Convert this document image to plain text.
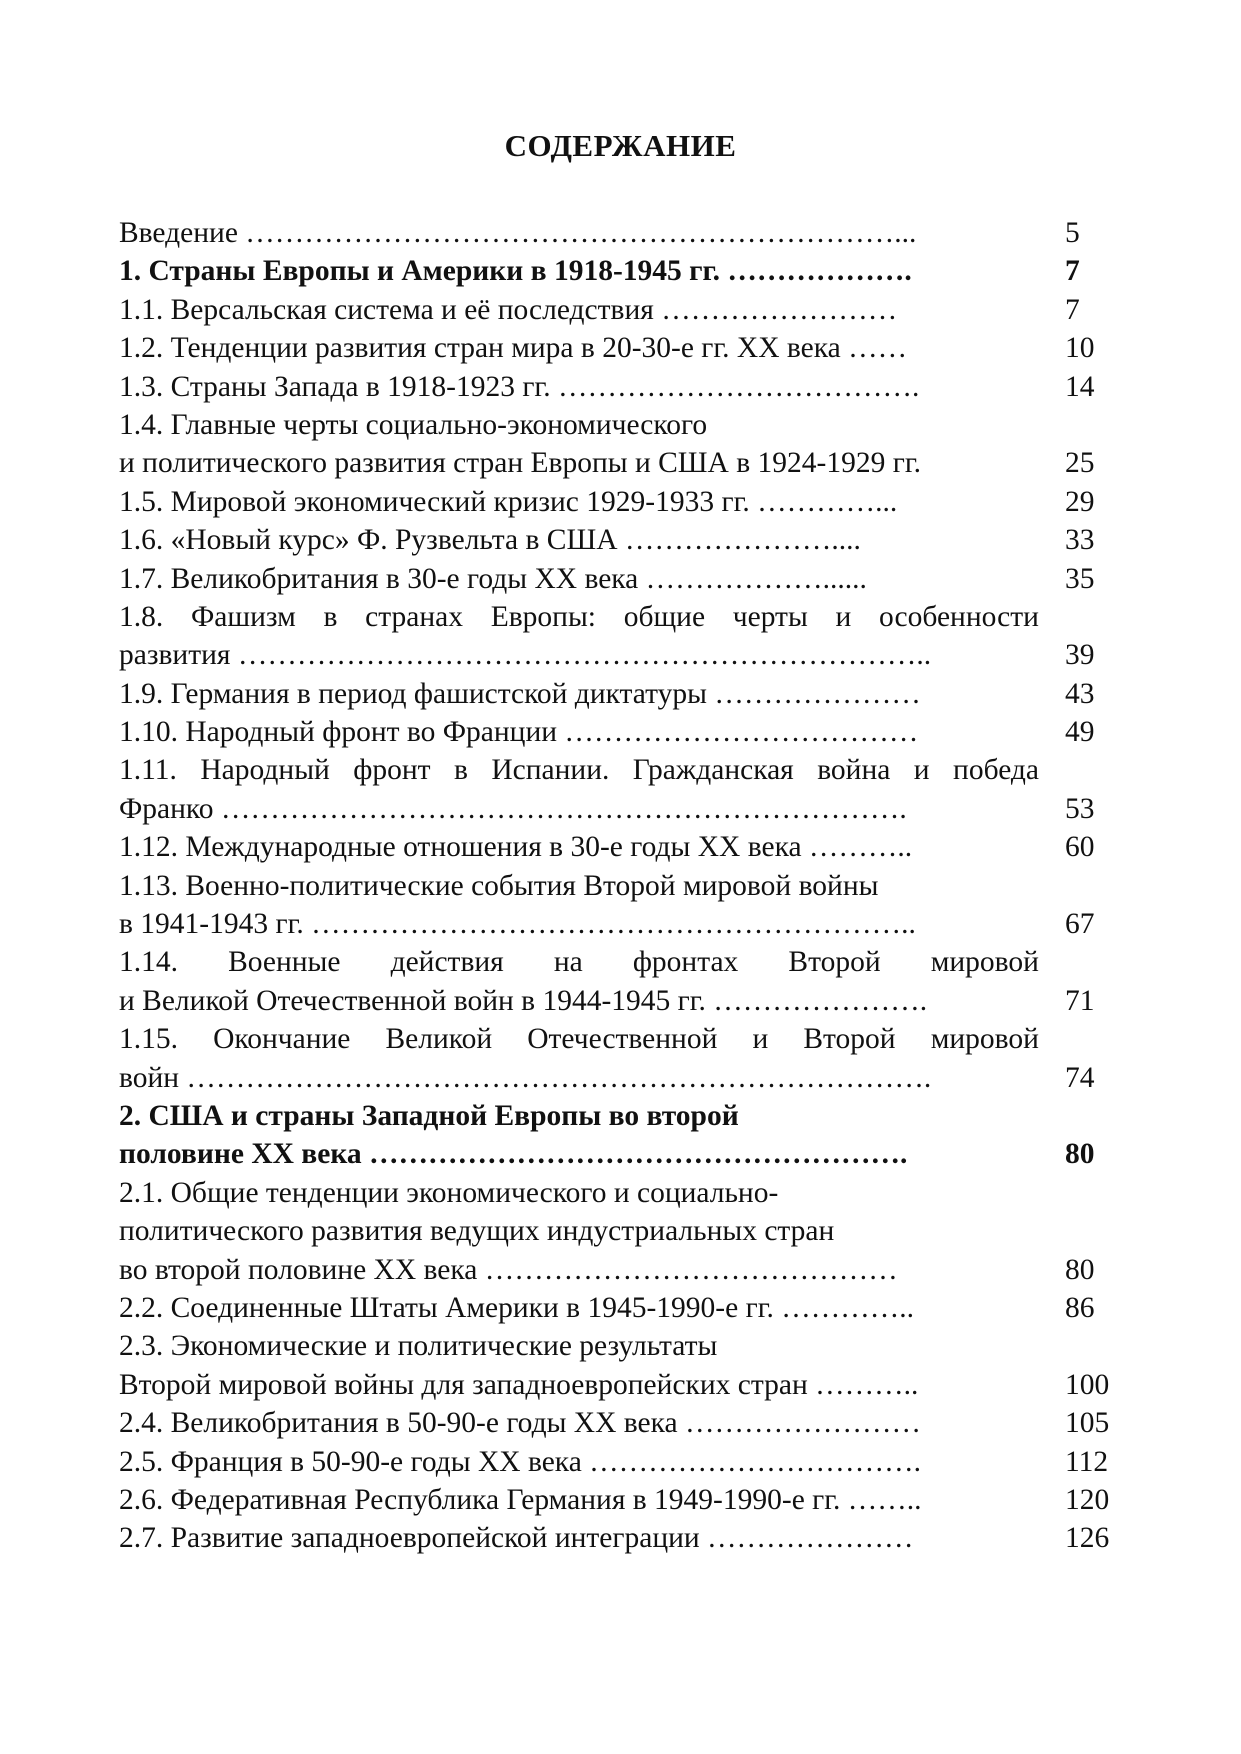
СОДЕРЖАНИЕ
Введение …………………………………………………………...	5
1. Страны Европы и Америки в 1918-1945 гг. ……………….	7
1.1. Версальская система и её последствия ……………………	7
1.2. Тенденции развития стран мира в 20-30-е гг. XX века ……	10
1.3. Страны Запада в 1918-1923 гг. ……………………………….	14
1.4. Главные черты социально-экономического
и политического развития стран Европы и США в 1924-1929 гг.	25
1.5. Мировой экономический кризис 1929-1933 гг. …………...	29
1.6. «Новый курс» Ф. Рузвельта в США …………………....	33
1.7. Великобритания в 30-е годы XX века ………………......	35
1.8. Фашизм в странах Европы: общие черты и особенности
развития ……………………………………………………………..	39
1.9. Германия в период фашистской диктатуры …………………	43
1.10. Народный фронт во Франции ………………………………	49
1.11. Народный фронт в Испании. Гражданская война и победа
Франко …………………………………………………………….	53
1.12. Международные отношения в 30-е годы XX века ………..	60
1.13. Военно-политические события Второй мировой войны
в 1941-1943 гг. ……………………………………………………..	67
1.14. Военные действия на фронтах Второй мировой
и Великой Отечественной войн в 1944-1945 гг. ………………….	71
1.15. Окончание Великой Отечественной и Второй мировой
войн ………………………………………………………………….	74
2. США и страны Западной Европы во второй
половине XX века ……………………………………………….	80
2.1. Общие тенденции экономического и социально-
политического развития ведущих индустриальных стран
во второй половине XX века ……………………………………	80
2.2. Соединенные Штаты Америки в 1945-1990-е гг. …………..	86
2.3. Экономические и политические результаты
Второй мировой войны для западноевропейских стран ………..	100
2.4. Великобритания в 50-90-е годы XX века ……………………	105
2.5. Франция в 50-90-е годы XX века …………………………….	112
2.6. Федеративная Республика Германия в 1949-1990-е гг. ……..	120
2.7. Развитие западноевропейской интеграции …………………	126
